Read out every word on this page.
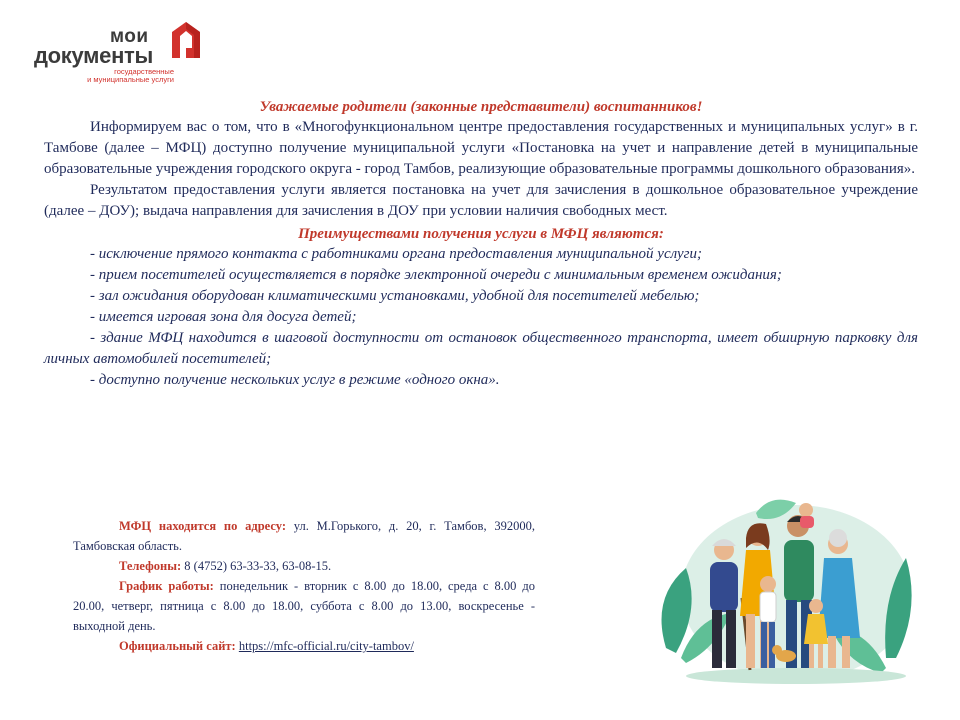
мои
документы
государственные
и муниципальные услуги

Уважаемые родители (законные представители) воспитанников!

Информируем вас о том, что в «Многофункциональном центре предоставления государственных и муниципальных услуг» в г. Тамбове (далее – МФЦ) доступно получение муниципальной услуги «Постановка на учет и направление детей в муниципальные образовательные учреждения городского округа - город Тамбов, реализующие образовательные программы дошкольного образования».

Результатом предоставления услуги является постановка на учет для зачисления в дошкольное образовательное учреждение (далее – ДОУ); выдача направления для зачисления в ДОУ при условии наличия свободных мест.

Преимуществами получения услуги в МФЦ являются:

- исключение прямого контакта с работниками органа предоставления муниципальной услуги;
- прием посетителей осуществляется в порядке электронной очереди с минимальным временем ожидания;
- зал ожидания оборудован климатическими установками, удобной для посетителей мебелью;
- имеется игровая зона для досуга детей;
- здание МФЦ находится в шаговой доступности от остановок общественного транспорта, имеет обширную парковку для личных автомобилей посетителей;
- доступно получение нескольких услуг в режиме «одного окна».

МФЦ находится по адресу: ул. М.Горького, д. 20, г. Тамбов, 392000, Тамбовская область.

Телефоны: 8 (4752) 63-33-33, 63-08-15.

График работы: понедельник - вторник с 8.00 до 18.00, среда с 8.00 до 20.00, четверг, пятница с 8.00 до 18.00, суббота с 8.00 до 13.00, воскресенье - выходной день.

Официальный сайт: https://mfc-official.ru/city-tambov/
